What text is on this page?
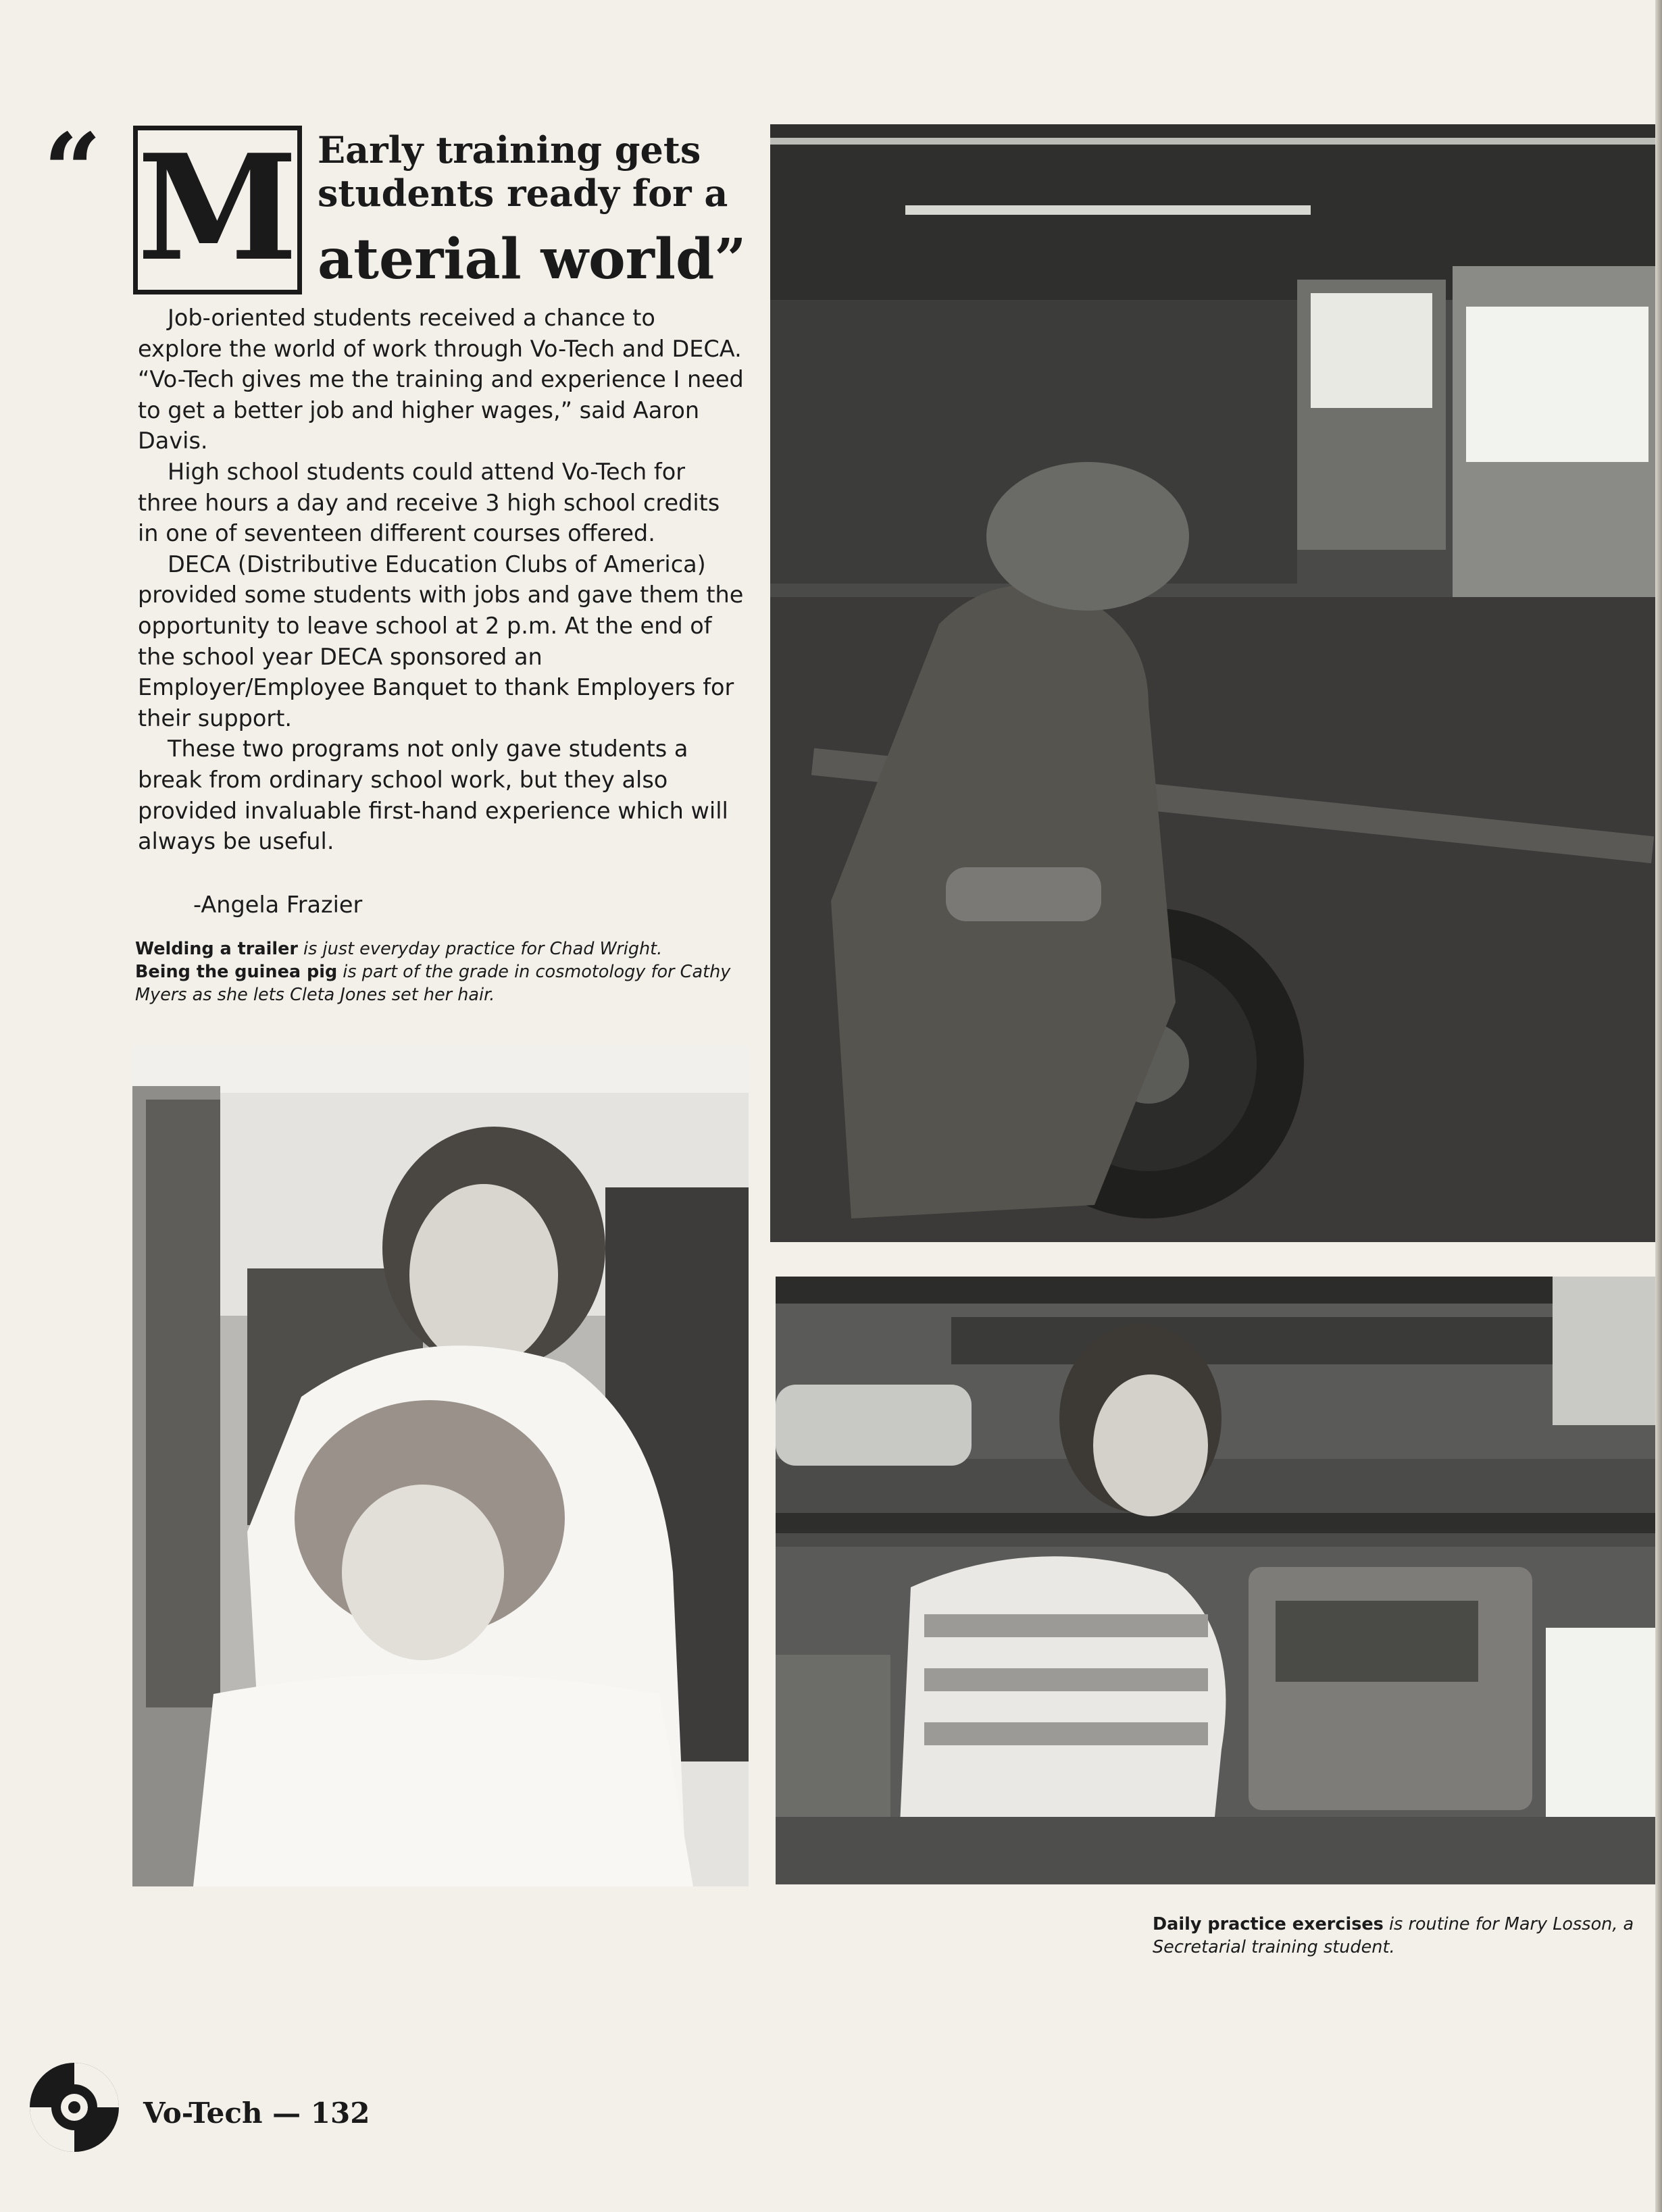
“ M Early training gets
students ready for a
aterial world”

Job-oriented students received a chance to explore the world of work through Vo-Tech and DECA. “Vo-Tech gives me the training and experience I need to get a better job and higher wages,” said Aaron Davis.

High school students could attend Vo-Tech for three hours a day and receive 3 high school credits in one of seventeen different courses offered.

DECA (Distributive Education Clubs of America) provided some students with jobs and gave them the opportunity to leave school at 2 p.m. At the end of the school year DECA sponsored an Employer/Employee Banquet to thank Employers for their support.

These two programs not only gave students a break from ordinary school work, but they also provided invaluable first-hand experience which will always be useful.

-Angela Frazier
Welding a trailer is just everyday practice for Chad Wright.
Being the guinea pig is part of the grade in cosmotology for Cathy Myers as she lets Cleta Jones set her hair.
Daily practice exercises is routine for Mary Losson, a Secretarial training student.
Vo-Tech — 132
